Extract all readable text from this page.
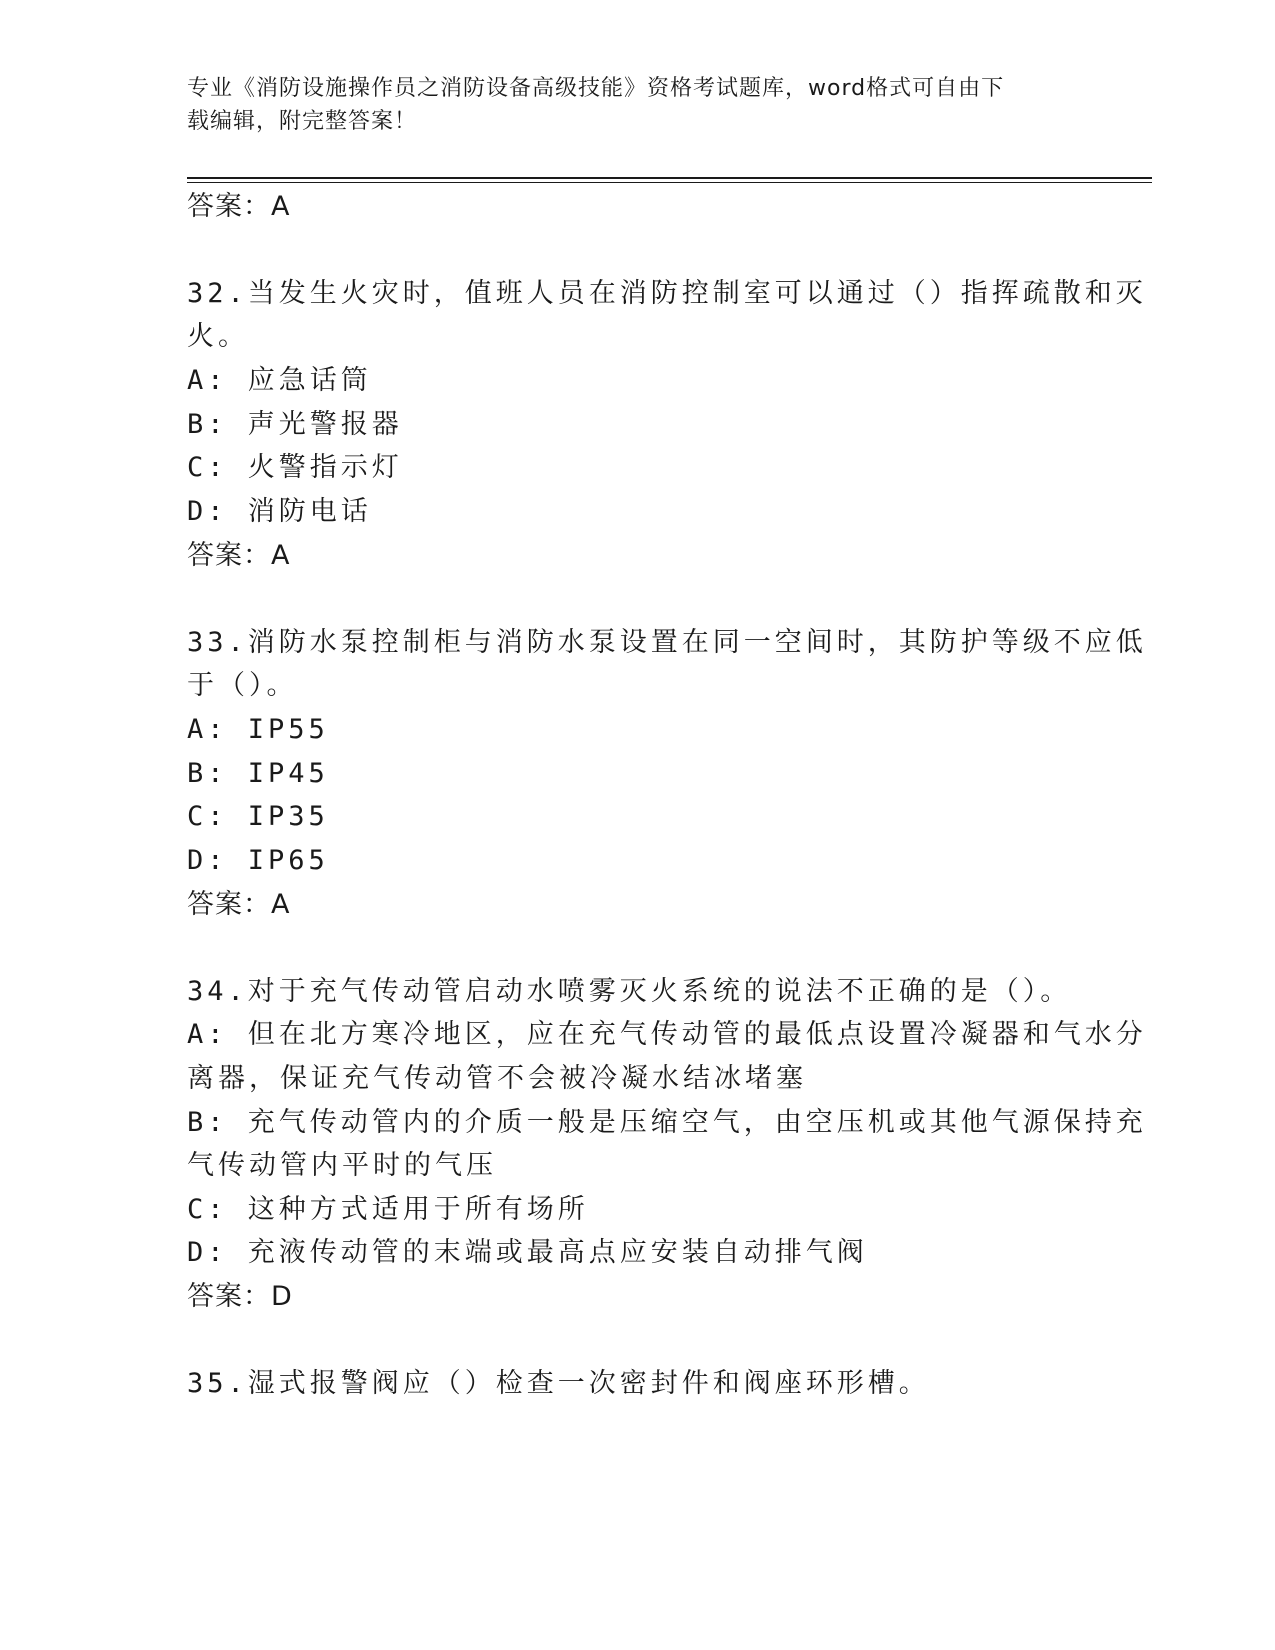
专业《消防设施操作员之消防设备高级技能》资格考试题库，word格式可自由下
载编辑，附完整答案！
答案：A
32.当发生火灾时，值班人员在消防控制室可以通过（）指挥疏散和灭
火。
A: 应急话筒
B: 声光警报器
C: 火警指示灯
D: 消防电话
答案：A
33.消防水泵控制柜与消防水泵设置在同一空间时，其防护等级不应低
于（）。
A: IP55
B: IP45
C: IP35
D: IP65
答案：A
34.对于充气传动管启动水喷雾灭火系统的说法不正确的是（）。
A: 但在北方寒冷地区，应在充气传动管的最低点设置冷凝器和气水分
离器，保证充气传动管不会被冷凝水结冰堵塞
B: 充气传动管内的介质一般是压缩空气，由空压机或其他气源保持充
气传动管内平时的气压
C: 这种方式适用于所有场所
D: 充液传动管的末端或最高点应安装自动排气阀
答案：D
35.湿式报警阀应（）检查一次密封件和阀座环形槽。
